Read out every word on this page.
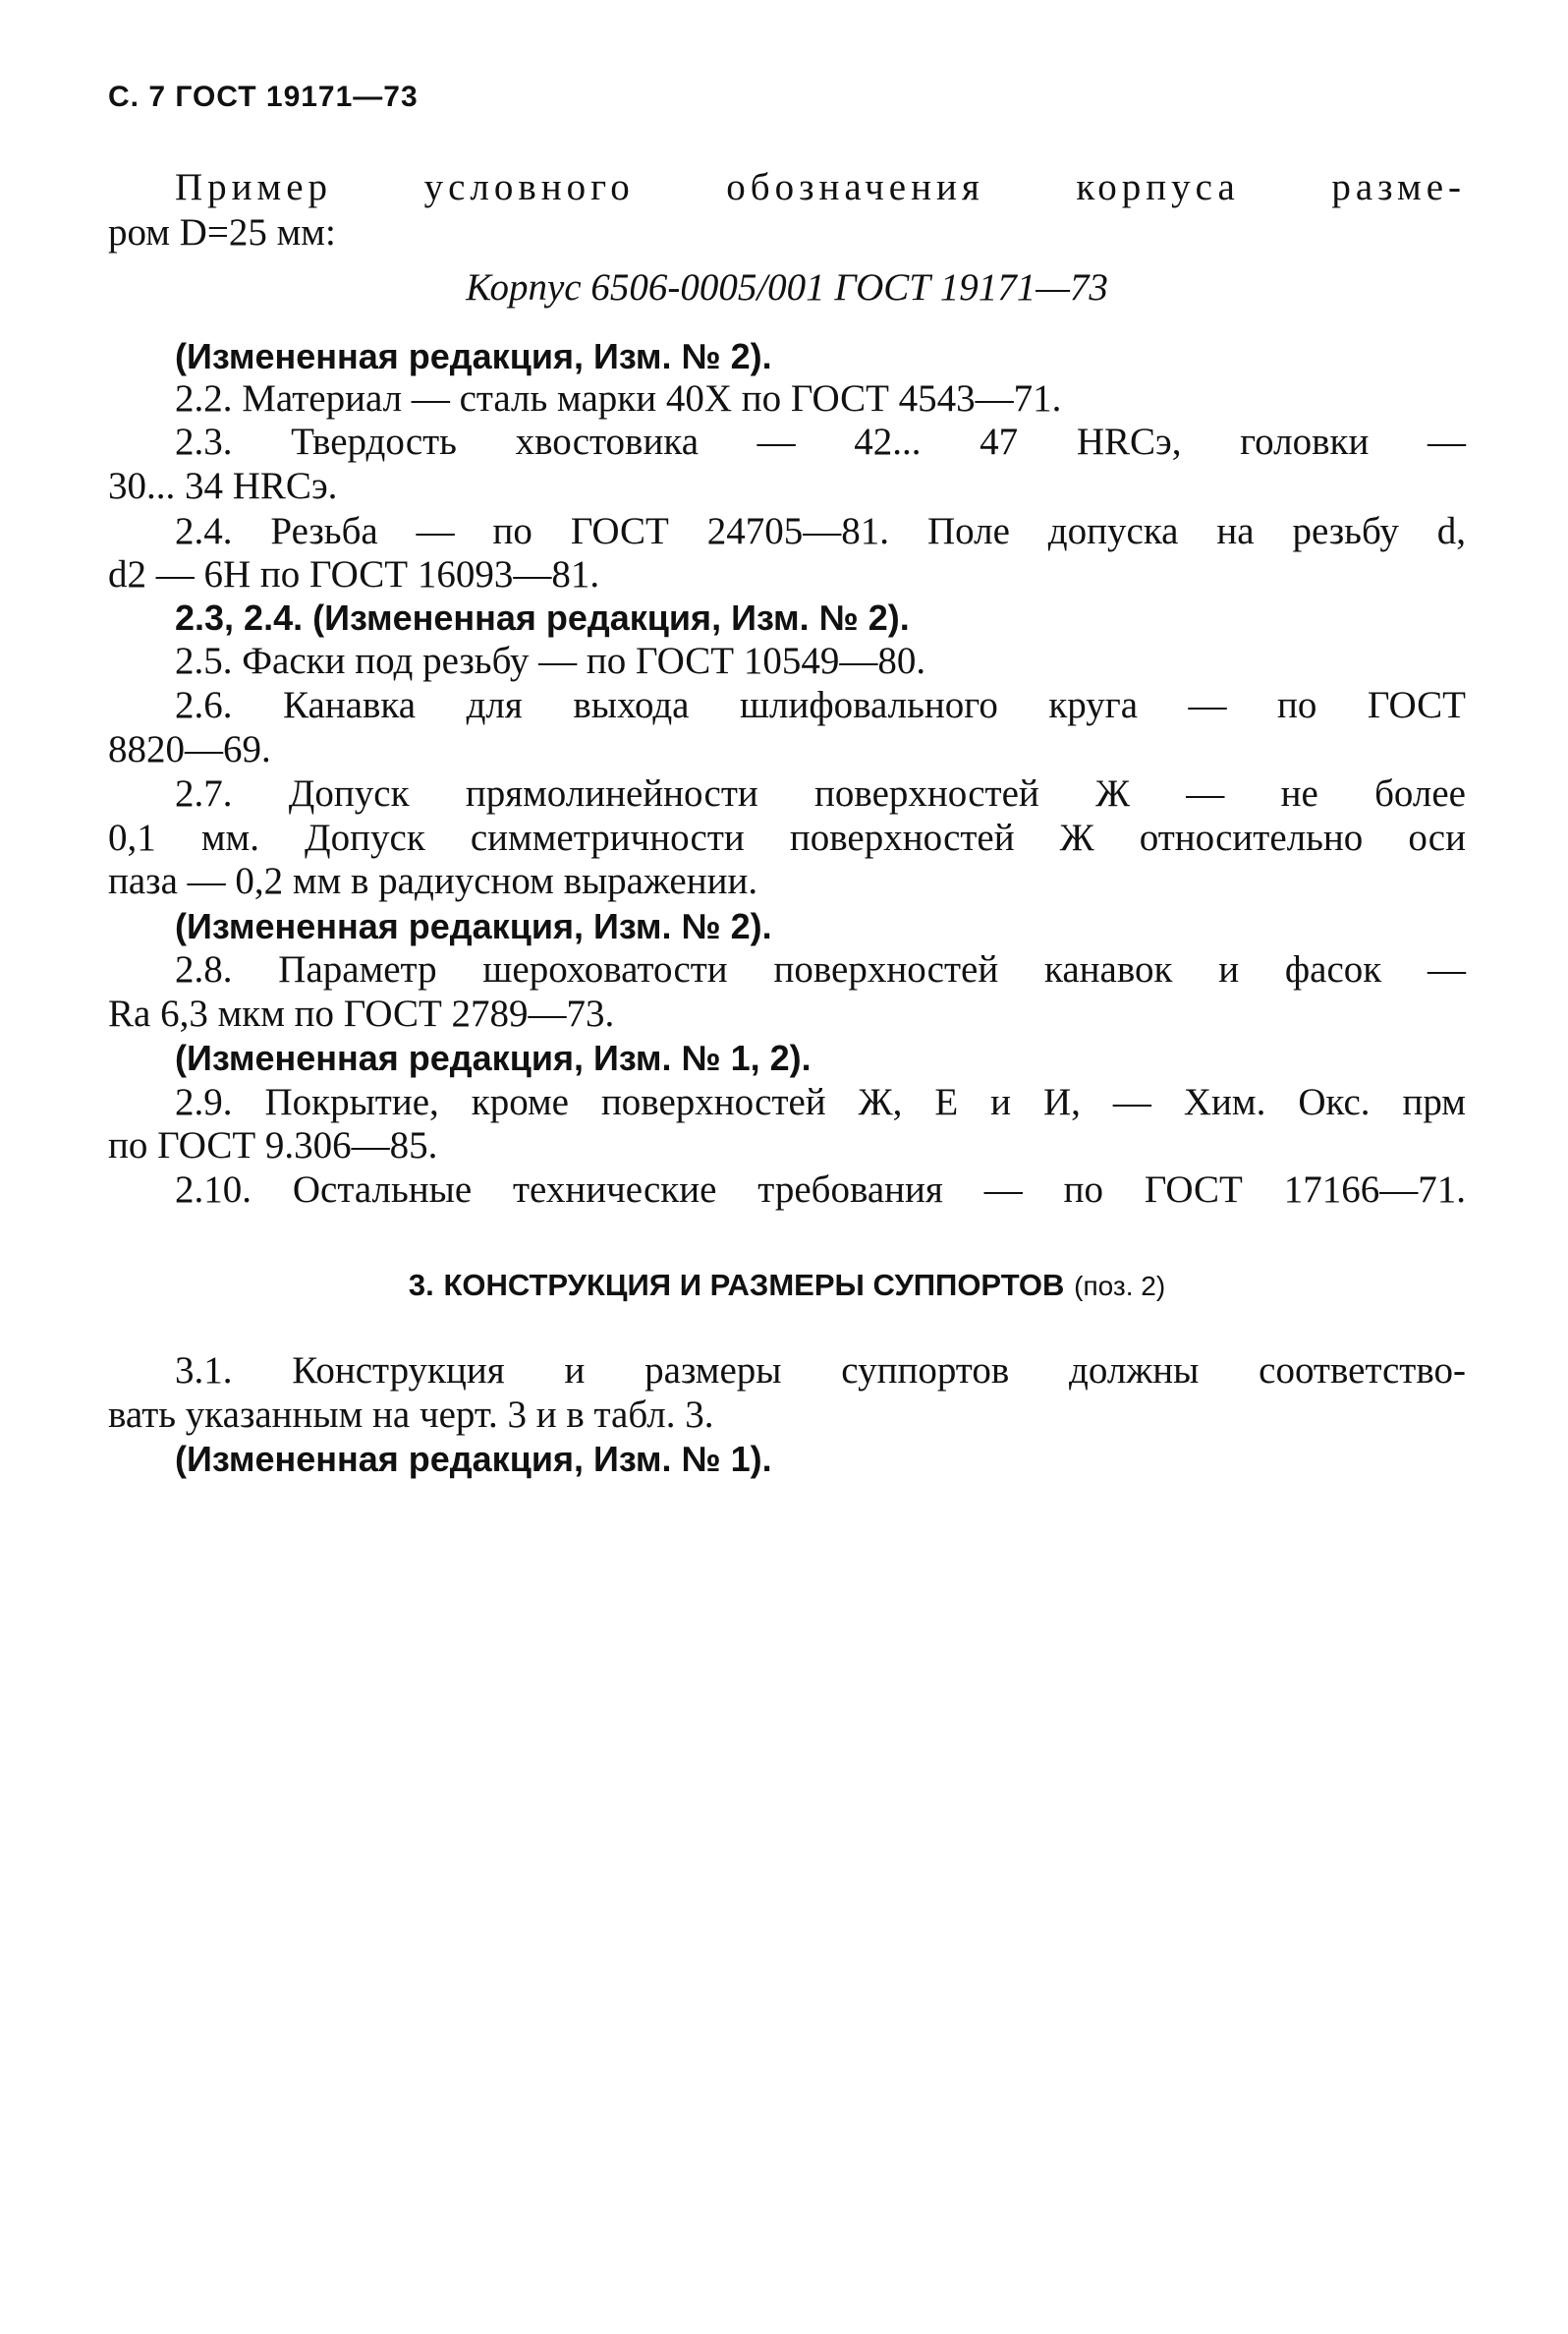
С. 7 ГОСТ 19171—73
Пример условного обозначения корпуса разме-
ром D=25 мм:
Корпус 6506-0005/001 ГОСТ 19171—73
(Измененная редакция, Изм. № 2).
2.2. Материал — сталь марки 40Х по ГОСТ 4543—71.
2.3. Твердость хвостовика — 42... 47 HRCэ, головки —
30... 34 HRCэ.
2.4. Резьба — по ГОСТ 24705—81. Поле допуска на резьбу d,
d2 — 6Н по ГОСТ 16093—81.
2.3, 2.4. (Измененная редакция, Изм. № 2).
2.5. Фаски под резьбу — по ГОСТ 10549—80.
2.6. Канавка для выхода шлифовального круга — по ГОСТ
8820—69.
2.7. Допуск прямолинейности поверхностей Ж — не более
0,1 мм. Допуск симметричности поверхностей Ж относительно оси
паза — 0,2 мм в радиусном выражении.
(Измененная редакция, Изм. № 2).
2.8. Параметр шероховатости поверхностей канавок и фасок —
Ra 6,3 мкм по ГОСТ 2789—73.
(Измененная редакция, Изм. № 1, 2).
2.9. Покрытие, кроме поверхностей Ж, Е и И, — Хим. Окс. прм
по ГОСТ 9.306—85.
2.10. Остальные технические требования — по ГОСТ 17166—71.
3. КОНСТРУКЦИЯ И РАЗМЕРЫ СУППОРТОВ (поз. 2)
3.1. Конструкция и размеры суппортов должны соответство-
вать указанным на черт. 3 и в табл. 3.
(Измененная редакция, Изм. № 1).
